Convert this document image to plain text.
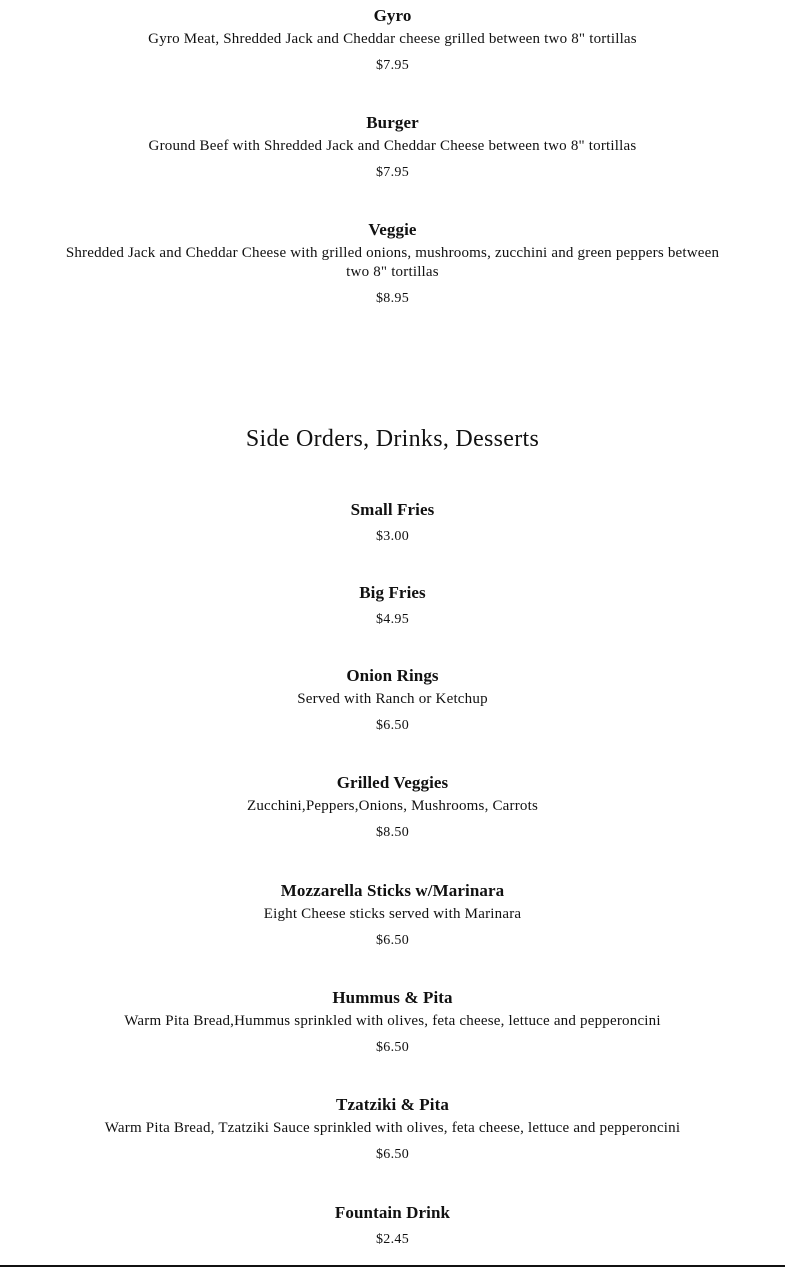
Gyro

Gyro Meat, Shredded Jack and Cheddar cheese grilled between two 8" tortillas

$7.95

Burger

Ground Beef with Shredded Jack and Cheddar Cheese between two 8" tortillas

$7.95

Veggie

Shredded Jack and Cheddar Cheese with grilled onions, mushrooms, zucchini and green peppers between two 8" tortillas

$8.95
Side Orders, Drinks, Desserts

Small Fries

$3.00

Big Fries

$4.95

Onion Rings

Served with Ranch or Ketchup

$6.50

Grilled Veggies

Zucchini,Peppers,Onions, Mushrooms, Carrots

$8.50

Mozzarella Sticks w/Marinara

Eight Cheese sticks served with Marinara

$6.50

Hummus & Pita

Warm Pita Bread,Hummus sprinkled with olives, feta cheese, lettuce and pepperoncini

$6.50

Tzatziki & Pita

Warm Pita Bread, Tzatziki Sauce sprinkled with olives, feta cheese, lettuce and pepperoncini

$6.50

Fountain Drink

$2.45
